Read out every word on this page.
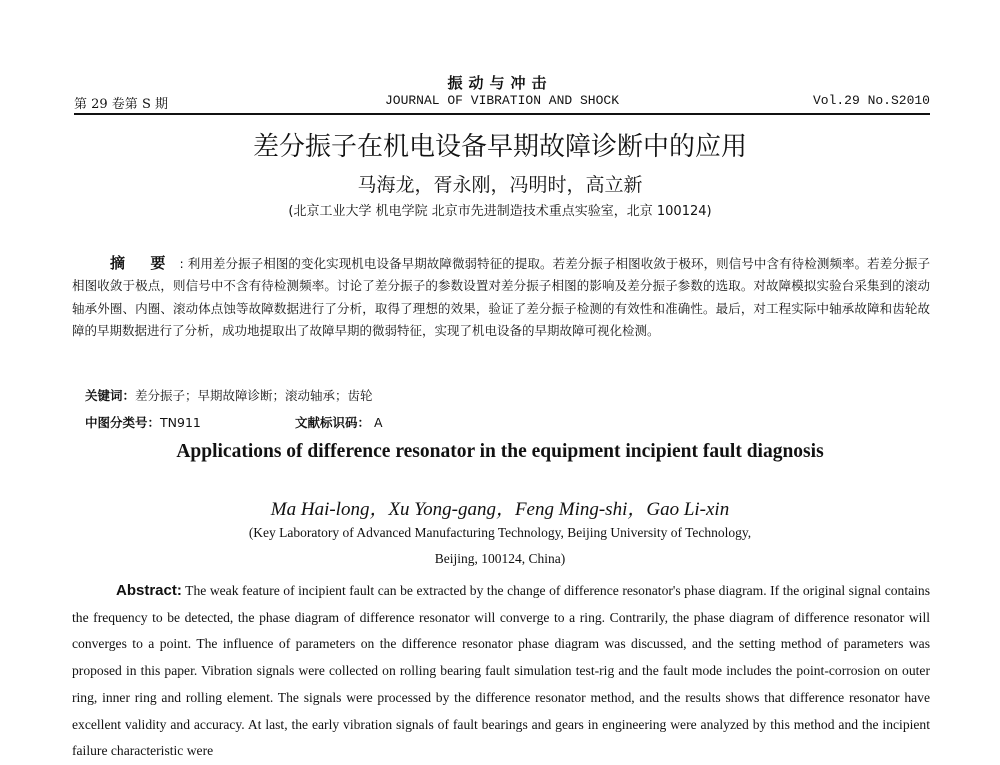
振动与冲击
第 29 卷第 S 期	JOURNAL OF VIBRATION AND SHOCK	Vol.29 No.S2010
差分振子在机电设备早期故障诊断中的应用
马海龙，胥永刚，冯明时，高立新
(北京工业大学 机电学院 北京市先进制造技术重点实验室，北京 100124)
摘 要 : 利用差分振子相图的变化实现机电设备早期故障微弱特征的提取。若差分振子相图收敛于极环，则信号中含有待检测频率。若差分振子相图收敛于极点，则信号中不含有待检测频率。讨论了差分振子的参数设置对差分振子相图的影响及差分振子参数的选取。对故障模拟实验台采集到的滚动轴承外圈、内圈、滚动体点蚀等故障数据进行了分析，取得了理想的效果，验证了差分振子检测的有效性和准确性。最后，对工程实际中轴承故障和齿轮故障的早期数据进行了分析，成功地提取出了故障早期的微弱特征，实现了机电设备的早期故障可视化检测。
关键词：差分振子；早期故障诊断；滚动轴承；齿轮
中图分类号：TN911	文献标识码： A
Applications of difference resonator in the equipment incipient fault diagnosis
Ma Hai-long，Xu Yong-gang，Feng Ming-shi，Gao Li-xin
(Key Laboratory of Advanced Manufacturing Technology, Beijing University of Technology,
Beijing, 100124, China)
Abstract: The weak feature of incipient fault can be extracted by the change of difference resonator's phase diagram. If the original signal contains the frequency to be detected, the phase diagram of difference resonator will converge to a ring. Contrarily, the phase diagram of difference resonator will converges to a point. The influence of parameters on the difference resonator phase diagram was discussed, and the setting method of parameters was proposed in this paper. Vibration signals were collected on rolling bearing fault simulation test-rig and the fault mode includes the point-corrosion on outer ring, inner ring and rolling element. The signals were processed by the difference resonator method, and the results shows that difference resonator have excellent validity and accuracy. At last, the early vibration signals of fault bearings and gears in engineering were analyzed by this method and the incipient failure characteristic were
